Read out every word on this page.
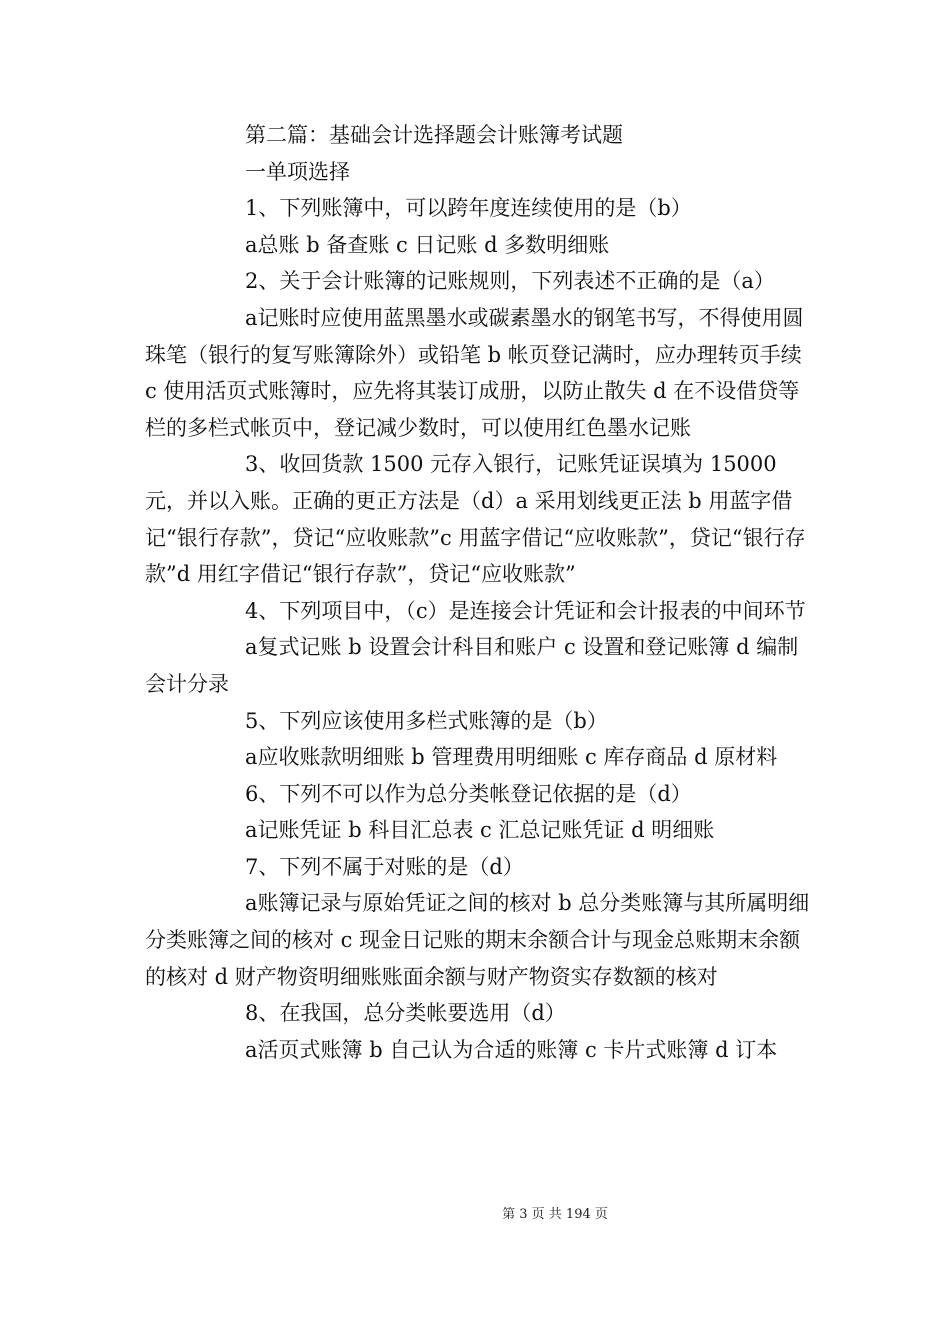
第二篇：基础会计选择题会计账簿考试题

一单项选择

1、下列账簿中，可以跨年度连续使用的是（b）

a总账 b 备查账 c 日记账 d 多数明细账

2、关于会计账簿的记账规则，下列表述不正确的是（a）

a记账时应使用蓝黑墨水或碳素墨水的钢笔书写，不得使用圆珠笔（银行的复写账簿除外）或铅笔 b 帐页登记满时，应办理转页手续 c 使用活页式账簿时，应先将其装订成册，以防止散失 d 在不设借贷等栏的多栏式帐页中，登记减少数时，可以使用红色墨水记账

3、收回货款 1500 元存入银行，记账凭证误填为 15000 元，并以入账。正确的更正方法是（d）a 采用划线更正法 b 用蓝字借记“银行存款”，贷记“应收账款”c 用蓝字借记“应收账款”，贷记“银行存款”d 用红字借记“银行存款”，贷记“应收账款”

4、下列项目中，（c）是连接会计凭证和会计报表的中间环节

a复式记账 b 设置会计科目和账户 c 设置和登记账簿 d 编制会计分录

5、下列应该使用多栏式账簿的是（b）

a应收账款明细账 b 管理费用明细账 c 库存商品 d 原材料

6、下列不可以作为总分类帐登记依据的是（d）

a记账凭证 b 科目汇总表 c 汇总记账凭证 d 明细账

7、下列不属于对账的是（d）

a账簿记录与原始凭证之间的核对 b 总分类账簿与其所属明细分类账簿之间的核对 c 现金日记账的期末余额合计与现金总账期末余额的核对 d 财产物资明细账账面余额与财产物资实存数额的核对

8、在我国，总分类帐要选用（d）

a活页式账簿 b 自己认为合适的账簿 c 卡片式账簿 d 订本

第 3 页 共 194 页
